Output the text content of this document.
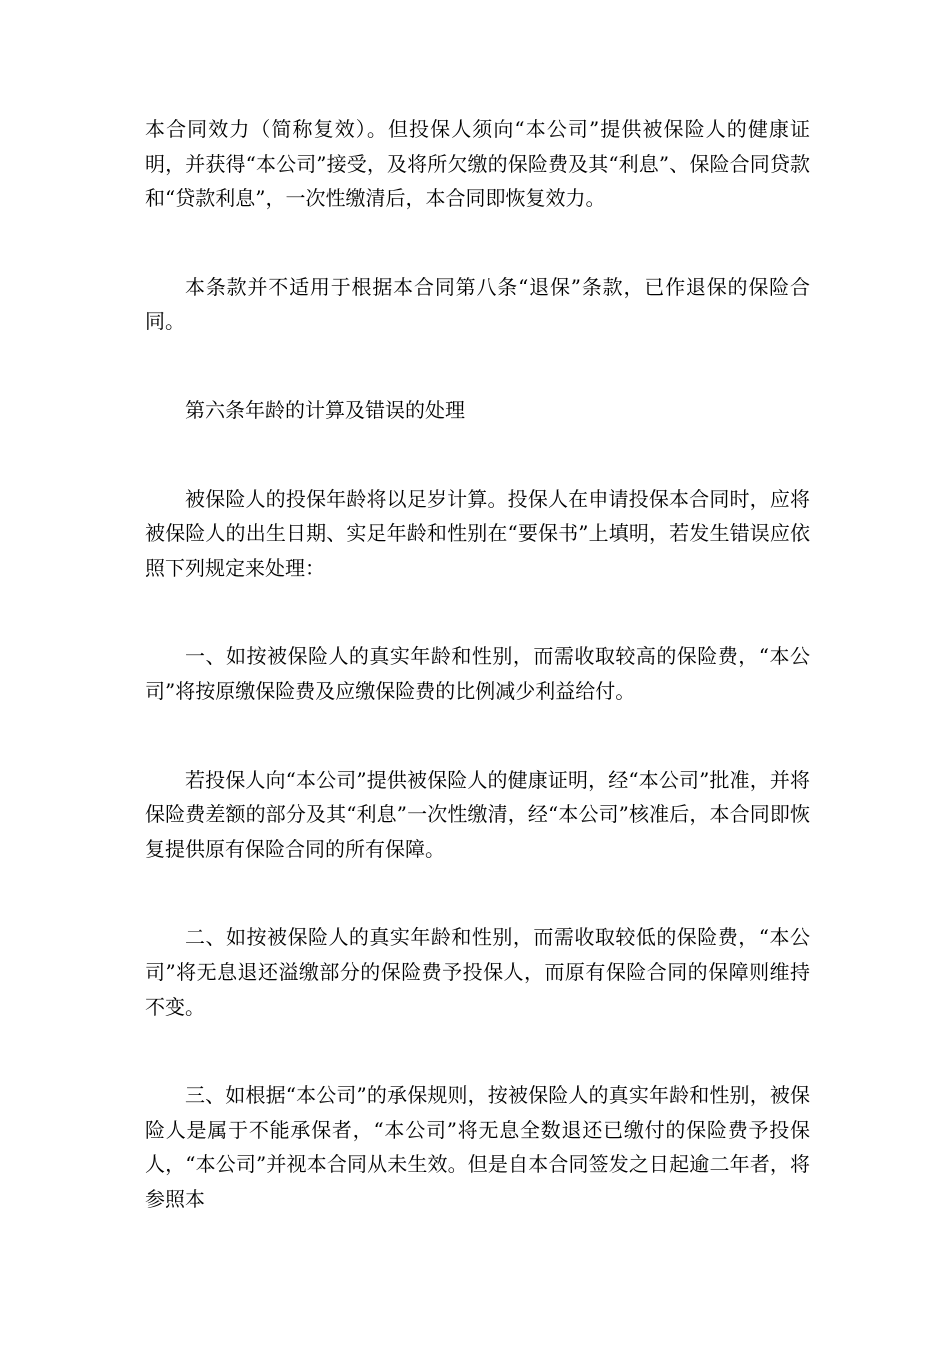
本合同效力（简称复效）。但投保人须向“本公司”提供被保险人的健康证明，并获得“本公司”接受，及将所欠缴的保险费及其“利息”、保险合同贷款和“贷款利息”，一次性缴清后，本合同即恢复效力。

本条款并不适用于根据本合同第八条“退保”条款，已作退保的保险合同。

第六条年龄的计算及错误的处理

被保险人的投保年龄将以足岁计算。投保人在申请投保本合同时，应将被保险人的出生日期、实足年龄和性别在“要保书”上填明，若发生错误应依照下列规定来处理：

一、如按被保险人的真实年龄和性别，而需收取较高的保险费，“本公司”将按原缴保险费及应缴保险费的比例减少利益给付。

若投保人向“本公司”提供被保险人的健康证明，经“本公司”批准，并将保险费差额的部分及其“利息”一次性缴清，经“本公司”核准后，本合同即恢复提供原有保险合同的所有保障。

二、如按被保险人的真实年龄和性别，而需收取较低的保险费，“本公司”将无息退还溢缴部分的保险费予投保人，而原有保险合同的保障则维持不变。

三、如根据“本公司”的承保规则，按被保险人的真实年龄和性别，被保险人是属于不能承保者，“本公司”将无息全数退还已缴付的保险费予投保人，“本公司”并视本合同从未生效。但是自本合同签发之日起逾二年者，将参照本
